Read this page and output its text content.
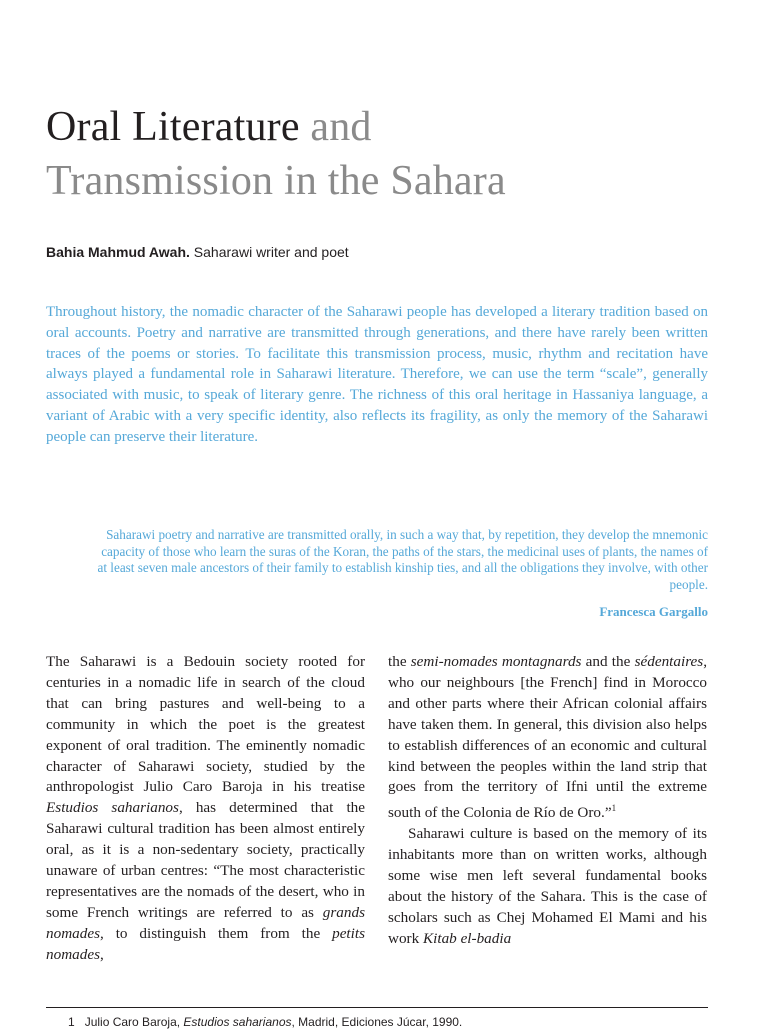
Oral Literature and
Transmission in the Sahara
Bahia Mahmud Awah. Saharawi writer and poet

Throughout history, the nomadic character of the Saharawi people has developed a literary tradition based on oral accounts. Poetry and narrative are transmitted through generations, and there have rarely been written traces of the poems or stories. To facilitate this transmission process, music, rhythm and recitation have always played a fundamental role in Saharawi literature. Therefore, we can use the term “scale”, generally associated with music, to speak of literary genre. The richness of this oral heritage in Hassaniya language, a variant of Arabic with a very specific identity, also reflects its fragility, as only the memory of the Saharawi people can preserve their literature.

Saharawi poetry and narrative are transmitted orally, in such a way that, by repetition, they develop the mnemonic capacity of those who learn the suras of the Koran, the paths of the stars, the medicinal uses of plants, the names of at least seven male ancestors of their family to establish kinship ties, and all the obligations they involve, with other people.

Francesca Gargallo

The Saharawi is a Bedouin society rooted for centuries in a nomadic life in search of the cloud that can bring pastures and well-being to a community in which the poet is the greatest exponent of oral tradition. The eminently nomadic character of Saharawi society, studied by the anthropologist Julio Caro Baroja in his treatise Estudios saharianos, has determined that the Saharawi cultural tradition has been almost entirely oral, as it is a non-sedentary society, practically unaware of urban centres: “The most characteristic representatives are the nomads of the desert, who in some French writings are referred to as grands nomades, to distinguish them from the petits nomades,

the semi-nomades montagnards and the sédentaires, who our neighbours [the French] find in Morocco and other parts where their African colonial affairs have taken them. In general, this division also helps to establish differences of an economic and cultural kind between the peoples within the land strip that goes from the territory of Ifni until the extreme south of the Colonia de Río de Oro.”$^1$

Saharawi culture is based on the memory of its inhabitants more than on written works, although some wise men left several fundamental books about the history of the Sahara. This is the case of scholars such as Chej Mohamed El Mami and his work Kitab el-badia

1 Julio Caro Baroja, Estudios saharianos, Madrid, Ediciones Júcar, 1990.
